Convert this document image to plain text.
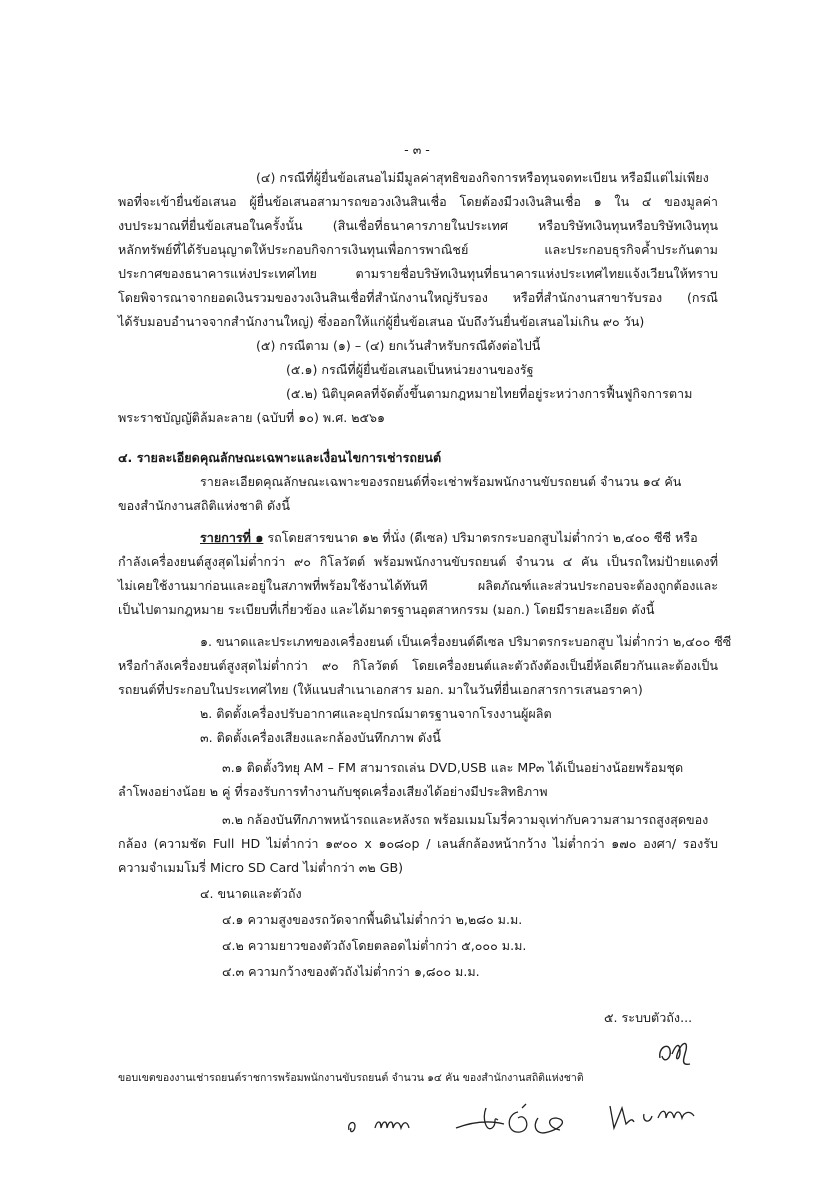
- ๓ -
(๔) กรณีที่ผู้ยื่นข้อเสนอไม่มีมูลค่าสุทธิของกิจการหรือทุนจดทะเบียน หรือมีแต่ไม่เพียง
พอที่จะเข้ายื่นข้อเสนอ ผู้ยื่นข้อเสนอสามารถขอวงเงินสินเชื่อ โดยต้องมีวงเงินสินเชื่อ ๑ ใน ๔ ของมูลค่า
งบประมาณที่ยื่นข้อเสนอในครั้งนั้น (สินเชื่อที่ธนาคารภายในประเทศ หรือบริษัทเงินทุนหรือบริษัทเงินทุน
หลักทรัพย์ที่ได้รับอนุญาตให้ประกอบกิจการเงินทุนเพื่อการพาณิชย์ และประกอบธุรกิจค้ำประกันตาม
ประกาศของธนาคารแห่งประเทศไทย ตามรายชื่อบริษัทเงินทุนที่ธนาคารแห่งประเทศไทยแจ้งเวียนให้ทราบ
โดยพิจารณาจากยอดเงินรวมของวงเงินสินเชื่อที่สำนักงานใหญ่รับรอง หรือที่สำนักงานสาขารับรอง (กรณี
ได้รับมอบอำนาจจากสำนักงานใหญ่) ซึ่งออกให้แก่ผู้ยื่นข้อเสนอ นับถึงวันยื่นข้อเสนอไม่เกิน ๙๐ วัน)
(๕) กรณีตาม (๑) – (๔) ยกเว้นสำหรับกรณีดังต่อไปนี้
(๕.๑) กรณีที่ผู้ยื่นข้อเสนอเป็นหน่วยงานของรัฐ
(๕.๒) นิติบุคคลที่จัดตั้งขึ้นตามกฎหมายไทยที่อยู่ระหว่างการฟื้นฟูกิจการตาม
พระราชบัญญัติล้มละลาย (ฉบับที่ ๑๐) พ.ศ. ๒๕๖๑
๔. รายละเอียดคุณลักษณะเฉพาะและเงื่อนไขการเช่ารถยนต์
รายละเอียดคุณลักษณะเฉพาะของรถยนต์ที่จะเช่าพร้อมพนักงานขับรถยนต์ จำนวน ๑๔ คัน
ของสำนักงานสถิติแห่งชาติ ดังนี้
รายการที่ ๑ รถโดยสารขนาด ๑๒ ที่นั่ง (ดีเซล) ปริมาตรกระบอกสูบไม่ต่ำกว่า ๒,๔๐๐ ซีซี หรือ
กำลังเครื่องยนต์สูงสุดไม่ต่ำกว่า ๙๐ กิโลวัตต์ พร้อมพนักงานขับรถยนต์ จำนวน ๔ คัน เป็นรถใหม่ป้ายแดงที่
ไม่เคยใช้งานมาก่อนและอยู่ในสภาพที่พร้อมใช้งานได้ทันที ผลิตภัณฑ์และส่วนประกอบจะต้องถูกต้องและ
เป็นไปตามกฎหมาย ระเบียบที่เกี่ยวข้อง และได้มาตรฐานอุตสาหกรรม (มอก.) โดยมีรายละเอียด ดังนี้
๑. ขนาดและประเภทของเครื่องยนต์ เป็นเครื่องยนต์ดีเซล ปริมาตรกระบอกสูบ ไม่ต่ำกว่า ๒,๔๐๐ ซีซี
หรือกำลังเครื่องยนต์สูงสุดไม่ต่ำกว่า ๙๐ กิโลวัตต์ โดยเครื่องยนต์และตัวถังต้องเป็นยี่ห้อเดียวกันและต้องเป็น
รถยนต์ที่ประกอบในประเทศไทย (ให้แนบสำเนาเอกสาร มอก. มาในวันที่ยื่นเอกสารการเสนอราคา)
๒. ติดตั้งเครื่องปรับอากาศและอุปกรณ์มาตรฐานจากโรงงานผู้ผลิต
๓. ติดตั้งเครื่องเสียงและกล้องบันทึกภาพ ดังนี้
๓.๑ ติดตั้งวิทยุ AM – FM สามารถเล่น DVD,USB และ MP๓ ได้เป็นอย่างน้อยพร้อมชุด
ลำโพงอย่างน้อย ๒ คู่ ที่รองรับการทำงานกับชุดเครื่องเสียงได้อย่างมีประสิทธิภาพ
๓.๒ กล้องบันทึกภาพหน้ารถและหลังรถ พร้อมเมมโมรี่ความจุเท่ากับความสามารถสูงสุดของ
กล้อง (ความชัด Full HD ไม่ต่ำกว่า ๑๙๐๐ x ๑๐๘๐p / เลนส์กล้องหน้ากว้าง ไม่ต่ำกว่า ๑๗๐ องศา/ รองรับ
ความจำเมมโมรี่ Micro SD Card ไม่ต่ำกว่า ๓๒ GB)
๔. ขนาดและตัวถัง
๔.๑ ความสูงของรถวัดจากพื้นดินไม่ต่ำกว่า ๒,๒๘๐ ม.ม.
๔.๒ ความยาวของตัวถังโดยตลอดไม่ต่ำกว่า ๕,๐๐๐ ม.ม.
๔.๓ ความกว้างของตัวถังไม่ต่ำกว่า ๑,๘๐๐ ม.ม.
๕. ระบบตัวถัง...
ขอบเขตของงานเช่ารถยนต์ราชการพร้อมพนักงานขับรถยนต์ จำนวน ๑๔ คัน ของสำนักงานสถิติแห่งชาติ
